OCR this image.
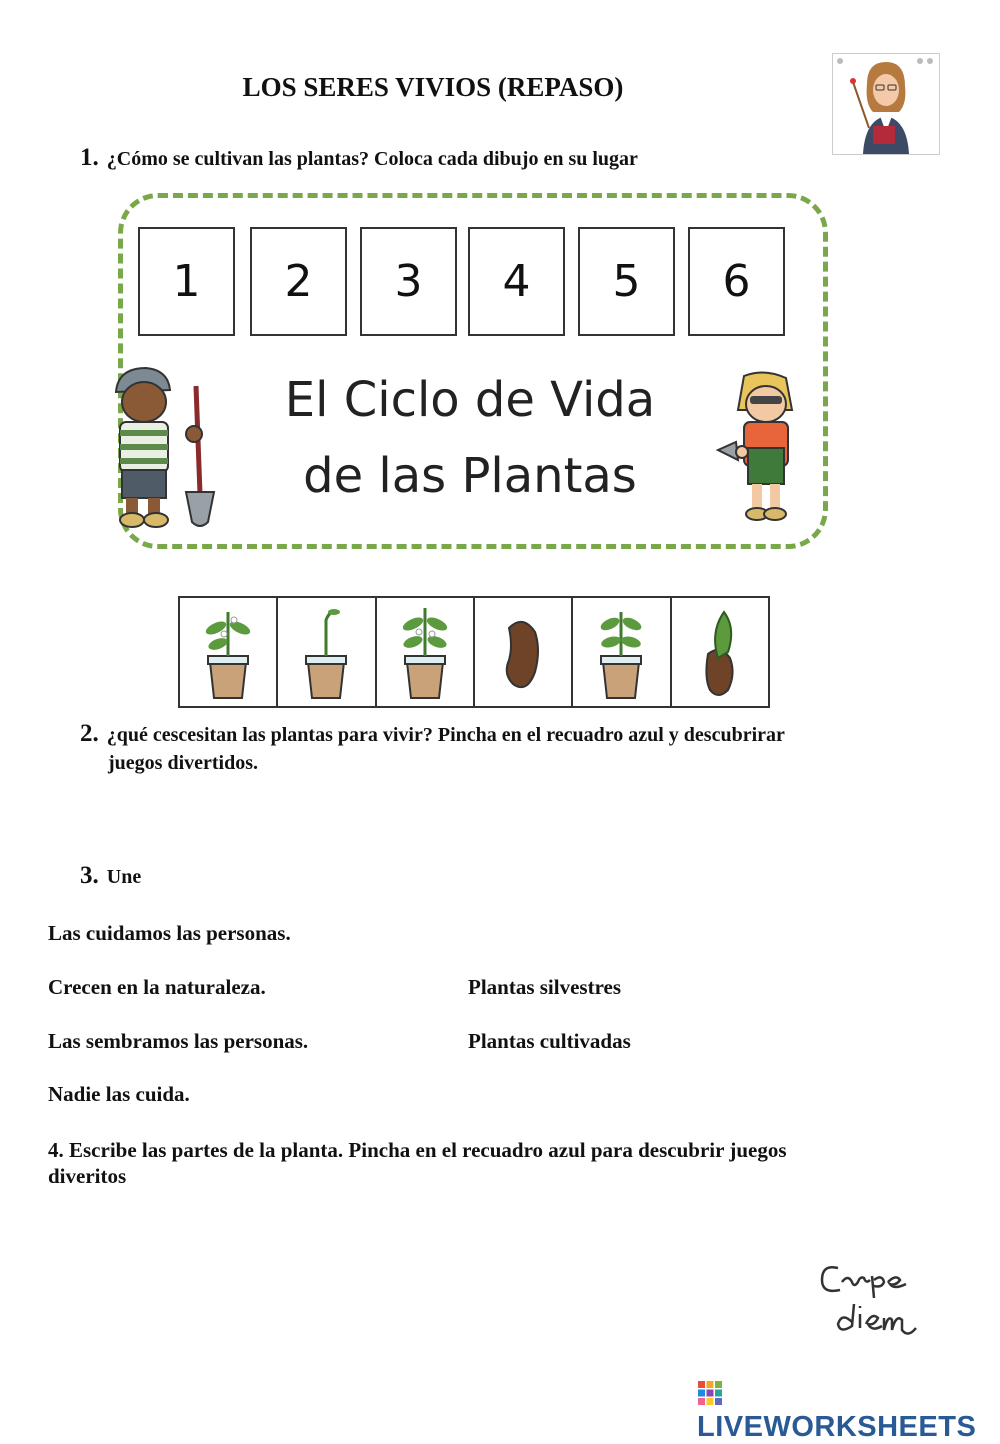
LOS SERES VIVIOS (REPASO)
1. ¿Cómo se cultivan las plantas? Coloca cada dibujo en su lugar
1	2	3	4	5	6
El Ciclo de Vida
de las Plantas
2. ¿qué cescesitan las plantas para vivir? Pincha en el recuadro azul y descubrirar
juegos divertidos.
3. Une
Las cuidamos las personas.
Crecen en la naturaleza.
Las sembramos las personas.
Nadie las cuida.
Plantas silvestres
Plantas cultivadas
4. Escribe las partes de la planta. Pincha en el recuadro azul para descubrir juegos
diveritos
LIVEWORKSHEETS
